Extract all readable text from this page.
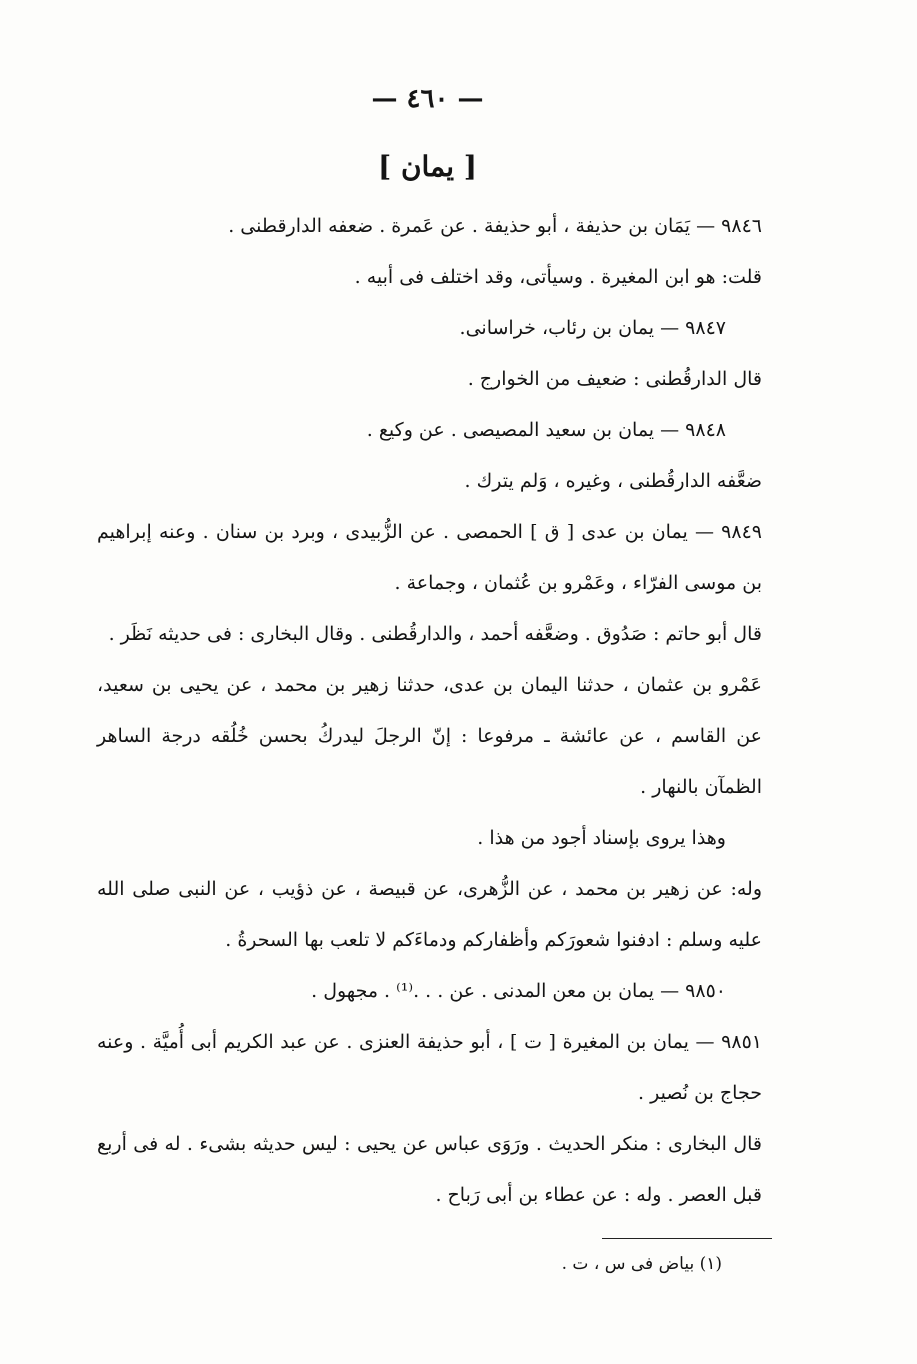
— ٤٦٠ —
[ يمان ]

٩٨٤٦ — يَمَان بن حذيفة ، أبو حذيفة . عن عَمرة . ضعفه الدارقطنى .

قلت: هو ابن المغيرة . وسيأتى، وقد اختلف فى أبيه .

٩٨٤٧ — يمان بن رئاب، خراسانى.

قال الدارقُطنى : ضعيف من الخوارج .

٩٨٤٨ — يمان بن سعيد المصيصى . عن وكيع .

ضعَّفه الدارقُطنى ، وغيره ، وَلم يترك .

٩٨٤٩ — يمان بن عدى [ ق ] الحمصى . عن الزُّبيدى ، وبرد بن سنان . وعنه إبراهيم بن موسى الفرّاء ، وعَمْرو بن عُثمان ، وجماعة .

قال أبو حاتم : صَدُوق . وضعَّفه أحمد ، والدارقُطنى . وقال البخارى : فى حديثه نَظَر .

عَمْرو بن عثمان ، حدثنا اليمان بن عدى، حدثنا زهير بن محمد ، عن يحيى بن سعيد، عن القاسم ، عن عائشة ـ مرفوعا : إنّ الرجلَ ليدركُ بحسن خُلُقه درجة الساهر الظمآن بالنهار .

وهذا يروى بإسناد أجود من هذا .

وله: عن زهير بن محمد ، عن الزُّهرى، عن قبيصة ، عن ذؤيب ، عن النبى صلى الله عليه وسلم : ادفنوا شعورَكم وأظفاركم ودماءَكم لا تلعب بها السحرةُ .

٩٨٥٠ — يمان بن معن المدنى . عن . . .⁽¹⁾ . مجهول .

٩٨٥١ — يمان بن المغيرة [ ت ] ، أبو حذيفة العنزى . عن عبد الكريم أبى أُميَّة . وعنه حجاج بن نُصير .

قال البخارى : منكر الحديث . ورَوَى عباس عن يحيى : ليس حديثه بشىء . له فى أربع قبل العصر . وله : عن عطاء بن أبى رَباح .

(١) بياض فى س ، ت .
